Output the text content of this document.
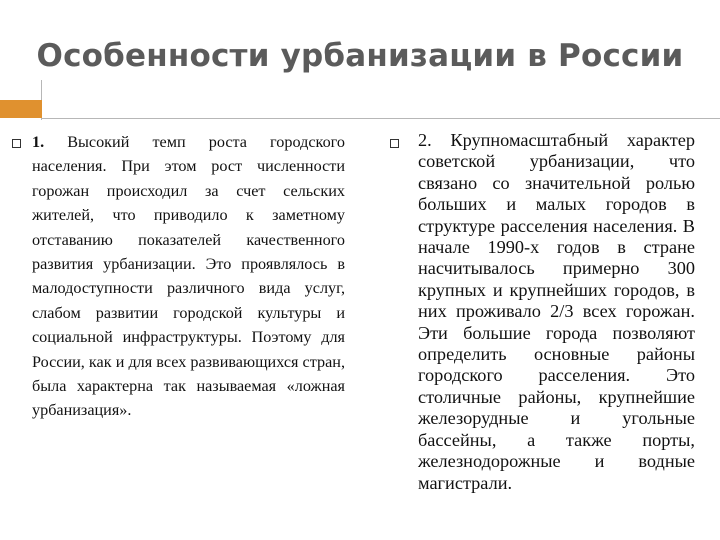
Особенности урбанизации в России
1. Высокий темп роста городского населения. При этом рост численности горожан происходил за счет сельских жителей, что приводило к заметному отставанию показателей качественного развития урбанизации. Это проявлялось в малодоступности различного вида услуг, слабом развитии городской культуры и социальной инфраструктуры. Поэтому для России, как и для всех развивающихся стран, была характерна так называемая «ложная урбанизация».
2. Крупномасштабный характер советской урбанизации, что связано со значительной ролью больших и малых городов в структуре расселения населения. В начале 1990-х годов в стране насчитывалось примерно 300 крупных и крупнейших городов, в них проживало 2/3 всех горожан. Эти большие города позволяют определить основные районы городского расселения. Это столичные районы, крупнейшие железорудные и угольные бассейны, а также порты, железнодорожные и водные магистрали.
